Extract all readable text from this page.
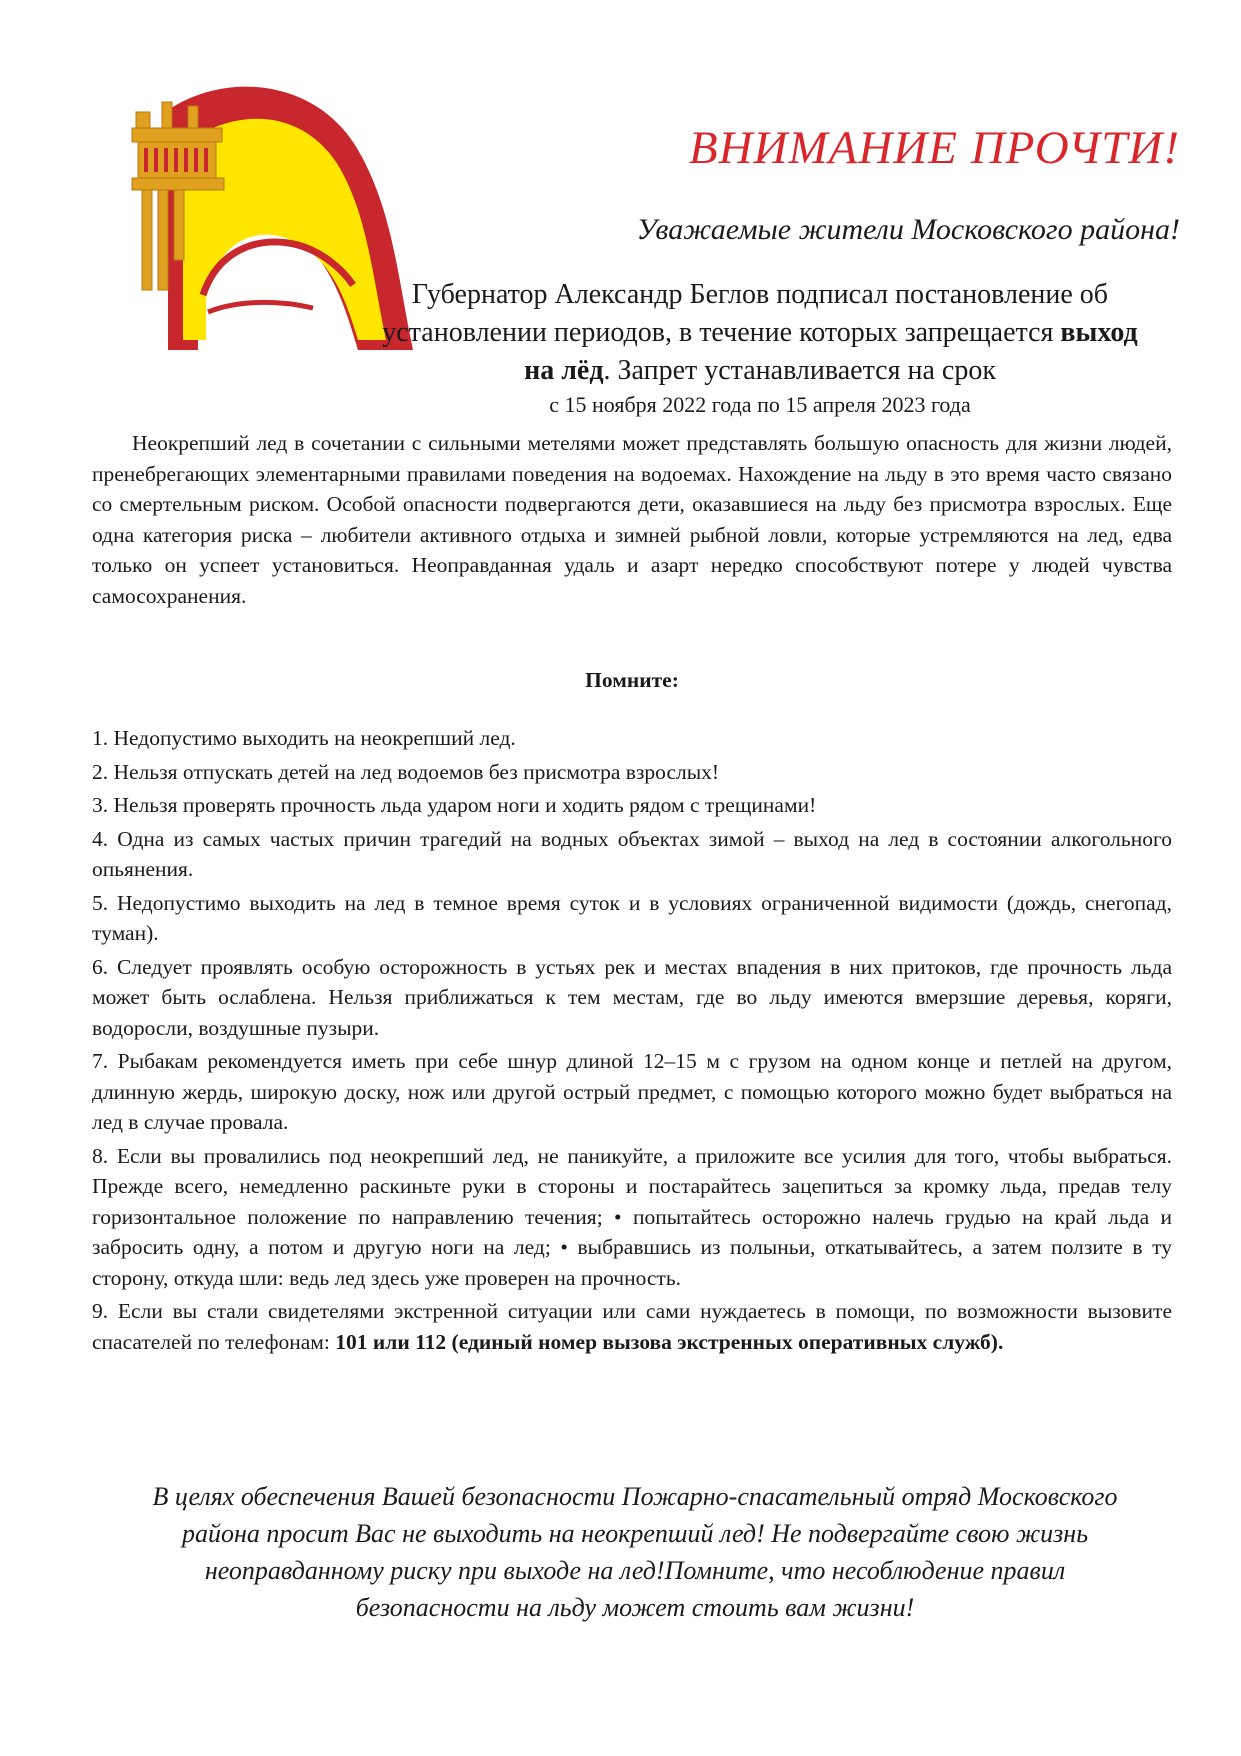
ВНИМАНИЕ ПРОЧТИ!
Уважаемые жители Московского района!
Губернатор Александр Беглов подписал постановление об установлении периодов, в течение которых запрещается выход на лёд. Запрет устанавливается на срок
с 15 ноября 2022 года по 15 апреля 2023 года
Неокрепший лед в сочетании с сильными метелями может представлять большую опасность для жизни людей, пренебрегающих элементарными правилами поведения на водоемах. Нахождение на льду в это время часто связано со смертельным риском. Особой опасности подвергаются дети, оказавшиеся на льду без присмотра взрослых. Еще одна категория риска – любители активного отдыха и зимней рыбной ловли, которые устремляются на лед, едва только он успеет установиться. Неоправданная удаль и азарт нередко способствуют потере у людей чувства самосохранения.
Помните:

1. Недопустимо выходить на неокрепший лед.

2. Нельзя отпускать детей на лед водоемов без присмотра взрослых!

3. Нельзя проверять прочность льда ударом ноги и ходить рядом с трещинами!

4. Одна из самых частых причин трагедий на водных объектах зимой – выход на лед в состоянии алкогольного опьянения.

5. Недопустимо выходить на лед в темное время суток и в условиях ограниченной видимости (дождь, снегопад, туман).

6. Следует проявлять особую осторожность в устьях рек и местах впадения в них притоков, где прочность льда может быть ослаблена. Нельзя приближаться к тем местам, где во льду имеются вмерзшие деревья, коряги, водоросли, воздушные пузыри.

7. Рыбакам рекомендуется иметь при себе шнур длиной 12–15 м с грузом на одном конце и петлей на другом, длинную жердь, широкую доску, нож или другой острый предмет, с помощью которого можно будет выбраться на лед в случае провала.

8. Если вы провалились под неокрепший лед, не паникуйте, а приложите все усилия для того, чтобы выбраться. Прежде всего, немедленно раскиньте руки в стороны и постарайтесь зацепиться за кромку льда, предав телу горизонтальное положение по направлению течения; • попытайтесь осторожно налечь грудью на край льда и забросить одну, а потом и другую ноги на лед; • выбравшись из полыньи, откатывайтесь, а затем ползите в ту сторону, откуда шли: ведь лед здесь уже проверен на прочность.

9. Если вы стали свидетелями экстренной ситуации или сами нуждаетесь в помощи, по возможности вызовите спасателей по телефонам: 101 или 112 (единый номер вызова экстренных оперативных служб).

В целях обеспечения Вашей безопасности Пожарно-спасательный отряд Московского района просит Вас не выходить на неокрепший лед! Не подвергайте свою жизнь неоправданному риску при выходе на лед!Помните, что несоблюдение правил безопасности на льду может стоить вам жизни!
